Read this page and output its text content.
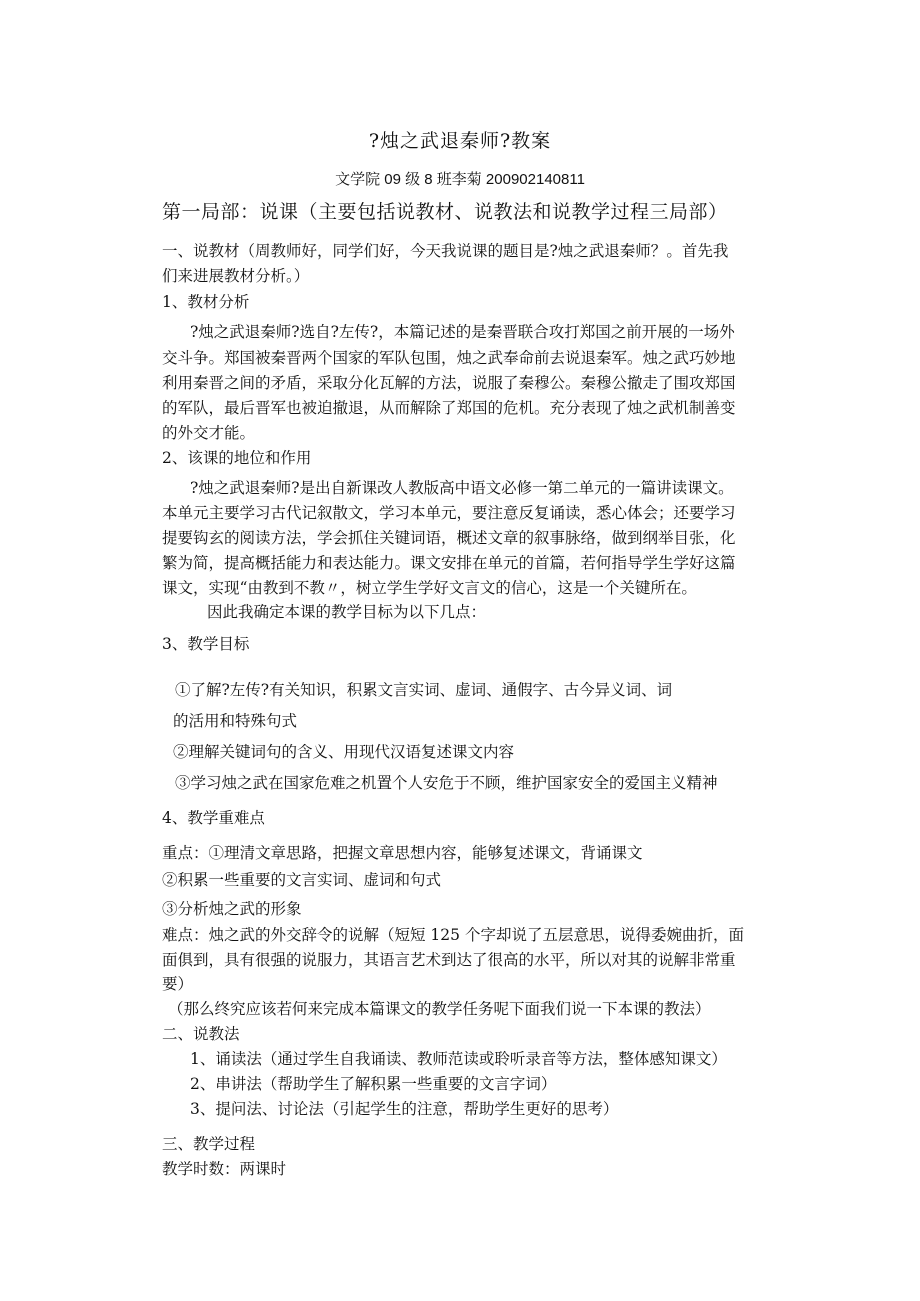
?烛之武退秦师?教案
文学院 09 级 8 班李菊 200902140811
第一局部：说课（主要包括说教材、说教法和说教学过程三局部）
一、说教材（周教师好，同学们好，今天我说课的题目是?烛之武退秦师？。首先我
们来进展教材分析。）
1、教材分析
?烛之武退秦师?选自?左传?，本篇记述的是秦晋联合攻打郑国之前开展的一场外
交斗争。郑国被秦晋两个国家的军队包围，烛之武奉命前去说退秦军。烛之武巧妙地
利用秦晋之间的矛盾，采取分化瓦解的方法，说服了秦穆公。秦穆公撤走了围攻郑国
的军队，最后晋军也被迫撤退，从而解除了郑国的危机。充分表现了烛之武机制善变
的外交才能。
2、该课的地位和作用
?烛之武退秦师?是出自新课改人教版高中语文必修一第二单元的一篇讲读课文。
本单元主要学习古代记叙散文，学习本单元，要注意反复诵读，悉心体会；还要学习
提要钩玄的阅读方法，学会抓住关键词语，概述文章的叙事脉络，做到纲举目张，化
繁为简，提高概括能力和表达能力。课文安排在单元的首篇，若何指导学生学好这篇
课文，实现“由教到不教〃，树立学生学好文言文的信心，这是一个关键所在。
因此我确定本课的教学目标为以下几点：
3、教学目标
①了解?左传?有关知识，积累文言实词、虚词、通假字、古今异义词、词
的活用和特殊句式
②理解关键词句的含义、用现代汉语复述课文内容
③学习烛之武在国家危难之机置个人安危于不顾，维护国家安全的爱国主义精神
4、教学重难点
重点：①理清文章思路，把握文章思想内容，能够复述课文，背诵课文
②积累一些重要的文言实词、虚词和句式
③分析烛之武的形象
难点：烛之武的外交辞令的说解（短短 125 个字却说了五层意思，说得委婉曲折，面
面俱到，具有很强的说服力，其语言艺术到达了很高的水平，所以对其的说解非常重
要）
（那么终究应该若何来完成本篇课文的教学任务呢下面我们说一下本课的教法）
二、说教法
1、诵读法（通过学生自我诵读、教师范读或聆听录音等方法，整体感知课文）
2、串讲法（帮助学生了解积累一些重要的文言字词）
3、提问法、讨论法（引起学生的注意，帮助学生更好的思考）
三、教学过程
教学时数：两课时
